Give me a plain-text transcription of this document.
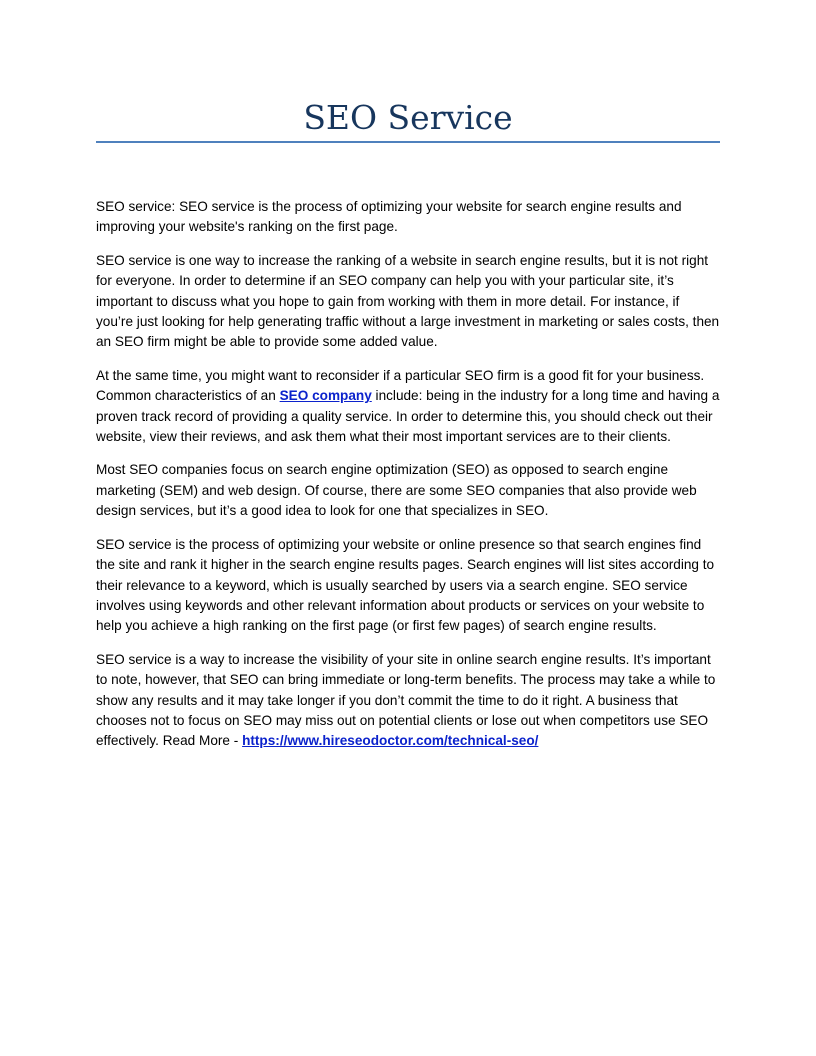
SEO Service

SEO service: SEO service is the process of optimizing your website for search engine results and improving your website's ranking on the first page.

SEO service is one way to increase the ranking of a website in search engine results, but it is not right for everyone. In order to determine if an SEO company can help you with your particular site, it’s important to discuss what you hope to gain from working with them in more detail. For instance, if you’re just looking for help generating traffic without a large investment in marketing or sales costs, then an SEO firm might be able to provide some added value.

At the same time, you might want to reconsider if a particular SEO firm is a good fit for your business. Common characteristics of an SEO company include: being in the industry for a long time and having a proven track record of providing a quality service. In order to determine this, you should check out their website, view their reviews, and ask them what their most important services are to their clients.

Most SEO companies focus on search engine optimization (SEO) as opposed to search engine marketing (SEM) and web design. Of course, there are some SEO companies that also provide web design services, but it’s a good idea to look for one that specializes in SEO.

SEO service is the process of optimizing your website or online presence so that search engines find the site and rank it higher in the search engine results pages. Search engines will list sites according to their relevance to a keyword, which is usually searched by users via a search engine. SEO service involves using keywords and other relevant information about products or services on your website to help you achieve a high ranking on the first page (or first few pages) of search engine results.

SEO service is a way to increase the visibility of your site in online search engine results. It’s important to note, however, that SEO can bring immediate or long-term benefits. The process may take a while to show any results and it may take longer if you don’t commit the time to do it right. A business that chooses not to focus on SEO may miss out on potential clients or lose out when competitors use SEO effectively. Read More - https://www.hireseodoctor.com/technical-seo/
